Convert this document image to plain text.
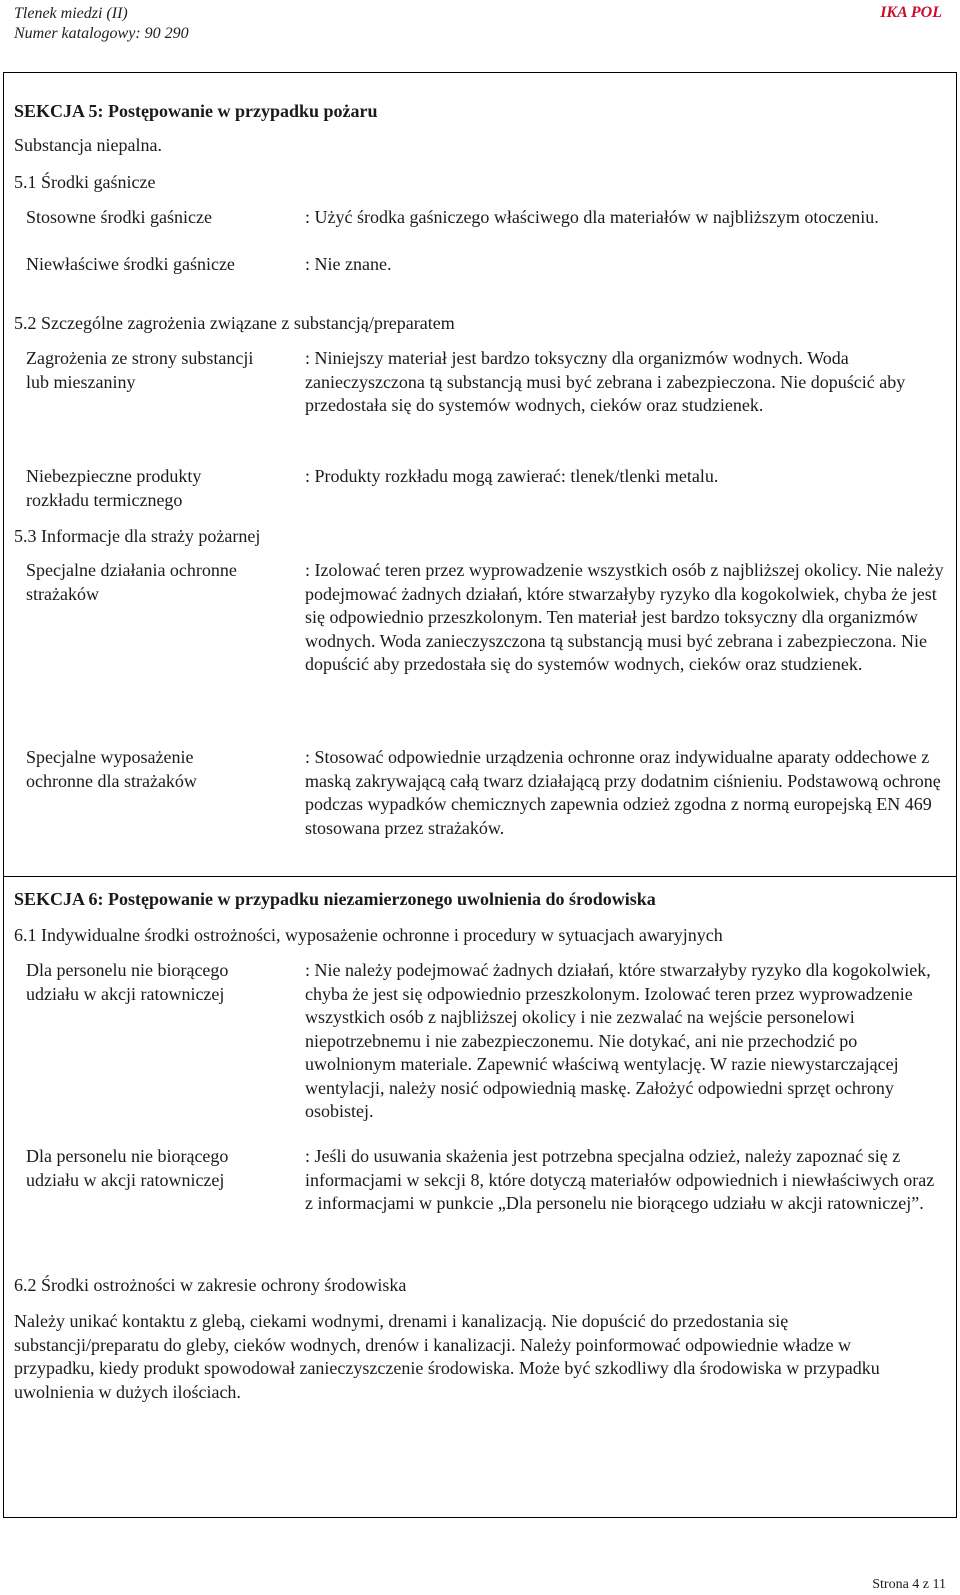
Tlenek miedzi (II)
Numer katalogowy: 90 290
IKA POL

SEKCJA 5: Postępowanie w przypadku pożaru

Substancja niepalna.

5.1 Środki gaśnicze

Stosowne środki gaśnicze	: Użyć środka gaśniczego właściwego dla materiałów w najbliższym otoczeniu.

Niewłaściwe środki gaśnicze	: Nie znane.

5.2 Szczególne zagrożenia związane z substancją/preparatem

Zagrożenia ze strony substancji lub mieszaniny

: Niniejszy materiał jest bardzo toksyczny dla organizmów wodnych. Woda zanieczyszczona tą substancją musi być zebrana i zabezpieczona. Nie dopuścić aby przedostała się do systemów wodnych, cieków oraz studzienek.

Niebezpieczne produkty rozkładu termicznego

: Produkty rozkładu mogą zawierać: tlenek/tlenki metalu.

5.3 Informacje dla straży pożarnej

Specjalne działania ochronne strażaków

: Izolować teren przez wyprowadzenie wszystkich osób z najbliższej okolicy. Nie należy podejmować żadnych działań, które stwarzałyby ryzyko dla kogokolwiek, chyba że jest się odpowiednio przeszkolonym. Ten materiał jest bardzo toksyczny dla organizmów wodnych. Woda zanieczyszczona tą substancją musi być zebrana i zabezpieczona. Nie dopuścić aby przedostała się do systemów wodnych, cieków oraz studzienek.

Specjalne wyposażenie ochronne dla strażaków

: Stosować odpowiednie urządzenia ochronne oraz indywidualne aparaty oddechowe z maską zakrywającą całą twarz działającą przy dodatnim ciśnieniu. Podstawową ochronę podczas wypadków chemicznych zapewnia odzież zgodna z normą europejską EN 469 stosowana przez strażaków.

SEKCJA 6: Postępowanie w przypadku niezamierzonego uwolnienia do środowiska

6.1 Indywidualne środki ostrożności, wyposażenie ochronne i procedury w sytuacjach awaryjnych

Dla personelu nie biorącego udziału w akcji ratowniczej

: Nie należy podejmować żadnych działań, które stwarzałyby ryzyko dla kogokolwiek, chyba że jest się odpowiednio przeszkolonym. Izolować teren przez wyprowadzenie wszystkich osób z najbliższej okolicy i nie zezwalać na wejście personelowi niepotrzebnemu i nie zabezpieczonemu. Nie dotykać, ani nie przechodzić po uwolnionym materiale. Zapewnić właściwą wentylację. W razie niewystarczającej wentylacji, należy nosić odpowiednią maskę. Założyć odpowiedni sprzęt ochrony osobistej.

Dla personelu nie biorącego udziału w akcji ratowniczej

: Jeśli do usuwania skażenia jest potrzebna specjalna odzież, należy zapoznać się z informacjami w sekcji 8, które dotyczą materiałów odpowiednich i niewłaściwych oraz z informacjami w punkcie „Dla personelu nie biorącego udziału w akcji ratowniczej”.

6.2 Środki ostrożności w zakresie ochrony środowiska

Należy unikać kontaktu z glebą, ciekami wodnymi, drenami i kanalizacją. Nie dopuścić do przedostania się substancji/preparatu do gleby, cieków wodnych, drenów i kanalizacji. Należy poinformować odpowiednie władze w przypadku, kiedy produkt spowodował zanieczyszczenie środowiska. Może być szkodliwy dla środowiska w przypadku uwolnienia w dużych ilościach.

Strona 4 z 11
